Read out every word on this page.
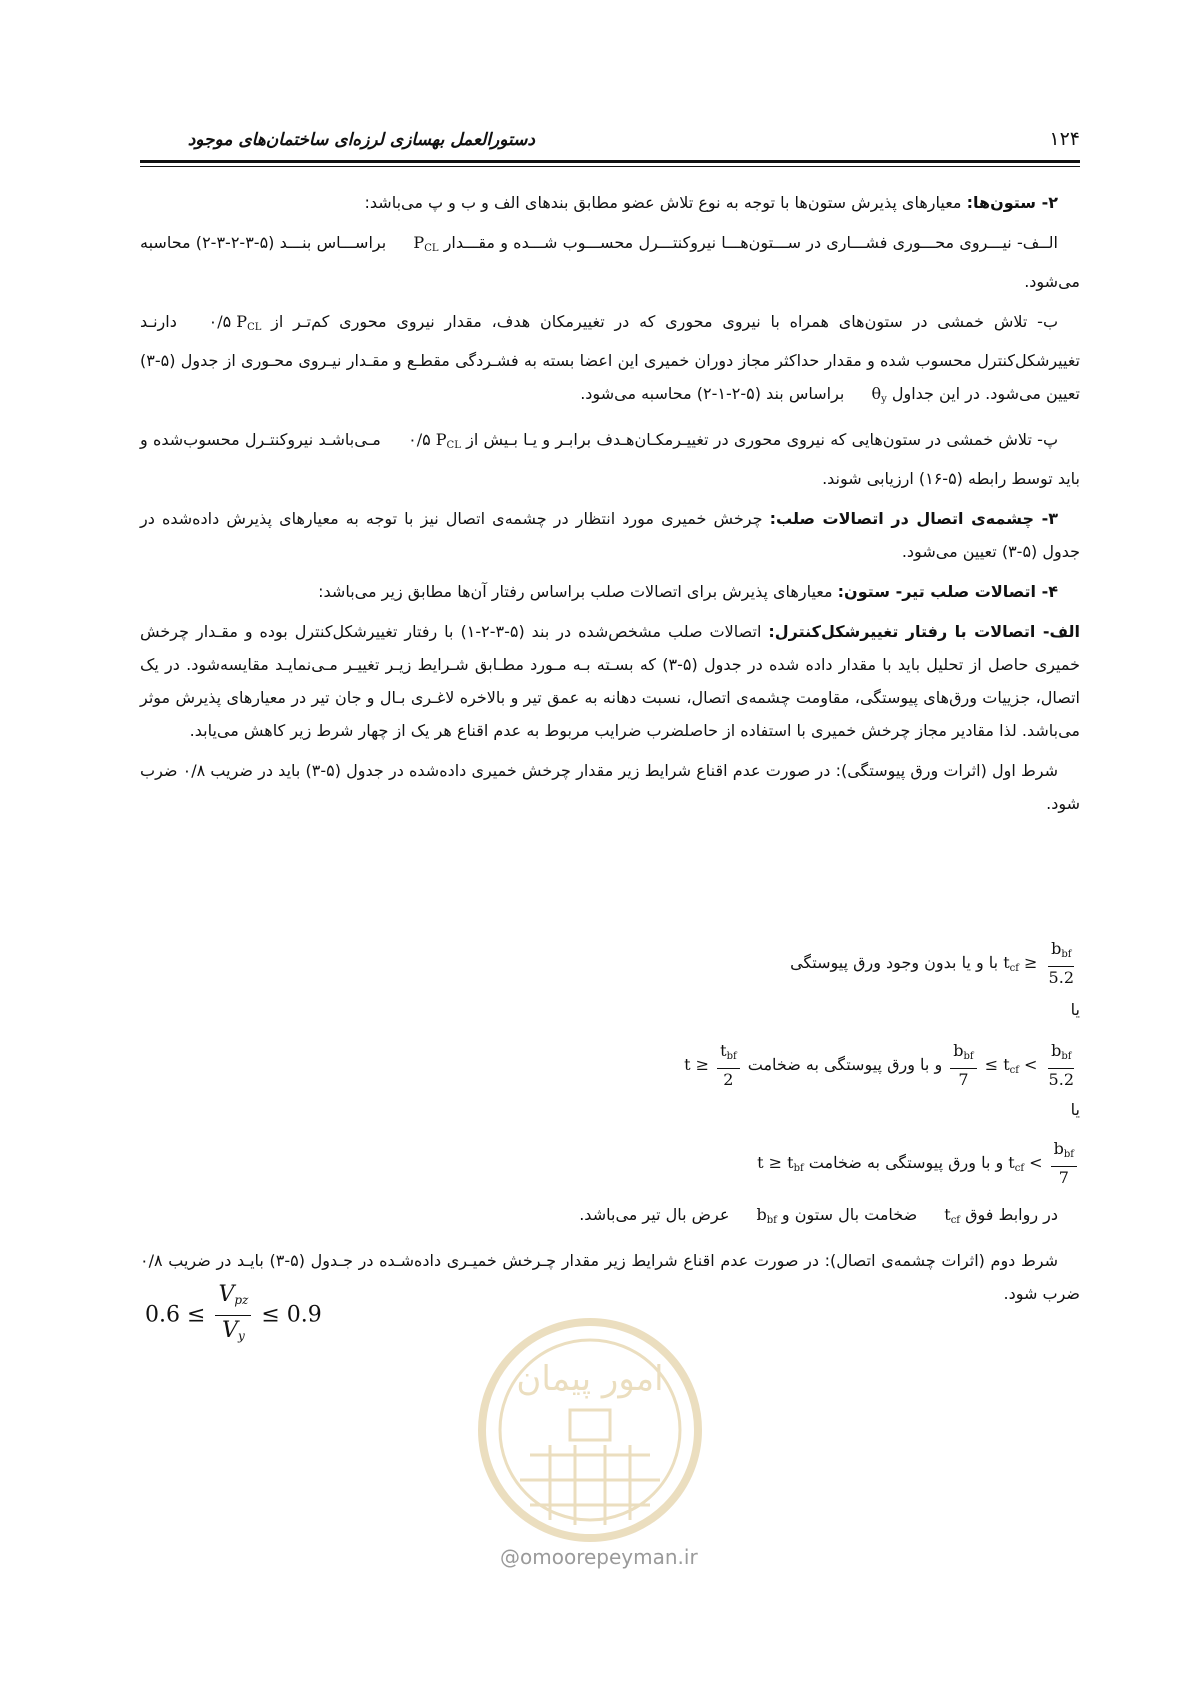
دستورالعمل بهسازی لرزه‌ای ساختمان‌های موجود	۱۲۴

۲- ستون‌ها: معیارهای پذیرش ستون‌ها با توجه به نوع تلاش عضو مطابق بندهای الف و ب و پ می‌باشد:

الــف- نیـــروی محـــوری فشـــاری در ســـتون‌هـــا نیروکنتـــرل محســـوب شـــده و مقـــدار $P_{CL}$ براســـاس بنـــد (۵-۳-۲-۳-۲) محاسبه می‌شود.

ب- تلاش خمشی در ستون‌های همراه با نیروی محوری که در تغییرمکان هدف، مقدار نیروی محوری کم‌تـر از ۰/۵ $P_{CL}$ دارنـد تغییرشکل‌کنترل محسوب شده و مقدار حداکثر مجاز دوران خمیری این اعضا بسته به فشـردگی مقطـع و مقـدار نیـروی محـوری از جدول (۵-۳) تعیین می‌شود. در این جداول $\theta_y$ براساس بند (۵-۲-۱-۲) محاسبه می‌شود.

پ- تلاش خمشی در ستون‌هایی که نیروی محوری در تغییـرمکـان‌هـدف برابـر و یـا بـیش از ۰/۵ $P_{CL}$ مـی‌باشـد نیروکنتـرل محسوب‌شده و باید توسط رابطه (۵-۱۶) ارزیابی شوند.

۳- چشمه‌ی اتصال در اتصالات صلب: چرخش خمیری مورد انتظار در چشمه‌ی اتصال نیز با توجه به معیارهای پذیرش داده‌شده در جدول (۵-۳) تعیین می‌شود.

۴- اتصالات صلب تیر- ستون: معیارهای پذیرش برای اتصالات صلب براساس رفتار آن‌ها مطابق زیر می‌باشد:

الف- اتصالات با رفتار تغییرشکل‌کنترل: اتصالات صلب مشخص‌شده در بند (۵-۳-۲-۱) با رفتار تغییرشکل‌کنترل بوده و مقـدار چرخش خمیری حاصل از تحلیل باید با مقدار داده شده در جدول (۵-۳) که بسـته بـه مـورد مطـابق شـرایط زیـر تغییـر مـی‌نمایـد مقایسه‌شود. در یک اتصال، جزییات ورق‌های پیوستگی، مقاومت چشمه‌ی اتصال، نسبت دهانه به عمق تیر و بالاخره لاغـری بـال و جان تیر در معیارهای پذیرش موثر می‌باشد. لذا مقادیر مجاز چرخش خمیری با استفاده از حاصلضرب ضرایب مربوط به عدم اقناع هر یک از چهار شرط زیر کاهش می‌یابد.

شرط اول (اثرات ورق پیوستگی): در صورت عدم اقناع شرایط زیر مقدار چرخش خمیری داده‌شده در جدول (۵-۳) باید در ضریب ۰/۸ ضرب شود.

$t_{cf} \ge \frac{b_{bf}}{5.2}$
با و یا بدون وجود ورق پیوستگی
یا
$\frac{b_{bf}}{7} \le t_{cf} < \frac{b_{bf}}{5.2}$
و با ورق پیوستگی به ضخامت $t \ge \frac{t_{bf}}{2}$
یا
$t_{cf} < \frac{b_{bf}}{7}$
و با ورق پیوستگی به ضخامت $t \ge t_{bf}$

در روابط فوق $t_{cf}$ ضخامت بال ستون و $b_{bf}$ عرض بال تیر می‌باشد.

شرط دوم (اثرات چشمه‌ی اتصال): در صورت عدم اقناع شرایط زیر مقدار چـرخش خمیـری داده‌شـده در جـدول (۵-۳) بایـد در ضریب ۰/۸ ضرب شود.

$0.6 \le \frac{V_{pz}}{V_y} \le 0.9$
امور پیمان
@omoorepeyman.ir
